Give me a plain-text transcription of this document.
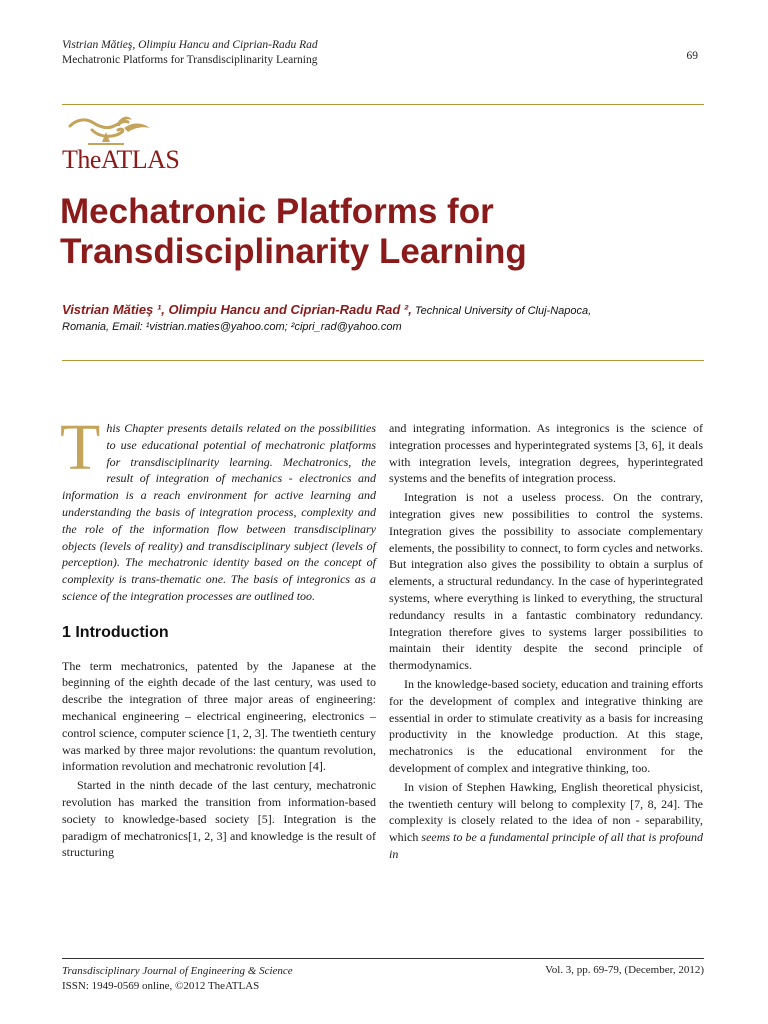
Vistrian Mătieş, Olimpiu Hancu and Ciprian-Radu Rad
Mechatronic Platforms for Transdisciplinarity Learning	69
TheATLAS
Mechatronic Platforms for
Transdisciplinarity Learning
Vistrian Mătieş ¹, Olimpiu Hancu and Ciprian-Radu Rad ², Technical University of Cluj-Napoca,
Romania, Email: ¹vistrian.maties@yahoo.com; ²cipri_rad@yahoo.com

This Chapter presents details related on the possibilities to use educational potential of mechatronic platforms for transdisciplinarity learning. Mechatronics, the result of integration of mechanics - electronics and information is a reach environment for active learning and understanding the basis of integration process, complexity and the role of the information flow between transdisciplinary objects (levels of reality) and transdisciplinary subject (levels of perception). The mechatronic identity based on the concept of complexity is trans-thematic one. The basis of integronics as a science of the integration processes are outlined too.

1 Introduction

The term mechatronics, patented by the Japanese at the beginning of the eighth decade of the last century, was used to describe the integration of three major areas of engineering: mechanical engineering – electrical engineering, electronics – control science, computer science [1, 2, 3]. The twentieth century was marked by three major revolutions: the quantum revolution, information revolution and mechatronic revolution [4].

Started in the ninth decade of the last century, mechatronic revolution has marked the transition from information-based society to knowledge-based society [5]. Integration is the paradigm of mechatronics[1, 2, 3] and knowledge is the result of structuring

and integrating information. As integronics is the science of integration processes and hyperintegrated systems [3, 6], it deals with integration levels, integration degrees, hyperintegrated systems and the benefits of integration process.

Integration is not a useless process. On the contrary, integration gives new possibilities to control the systems. Integration gives the possibility to associate complementary elements, the possibility to connect, to form cycles and networks. But integration also gives the possibility to obtain a surplus of elements, a structural redundancy. In the case of hyperintegrated systems, where everything is linked to everything, the structural redundancy results in a fantastic combinatory redundancy. Integration therefore gives to systems larger possibilities to maintain their identity despite the second principle of thermodynamics.

In the knowledge-based society, education and training efforts for the development of complex and integrative thinking are essential in order to stimulate creativity as a basis for increasing productivity in the knowledge production. At this stage, mechatronics is the educational environment for the development of complex and integrative thinking, too.

In vision of Stephen Hawking, English theoretical physicist, the twentieth century will belong to complexity [7, 8, 24]. The complexity is closely related to the idea of non - separability, which seems to be a fundamental principle of all that is profound in

Transdisciplinary Journal of Engineering & Science
ISSN: 1949-0569 online, ©2012 TheATLAS
Vol. 3, pp. 69-79, (December, 2012)
